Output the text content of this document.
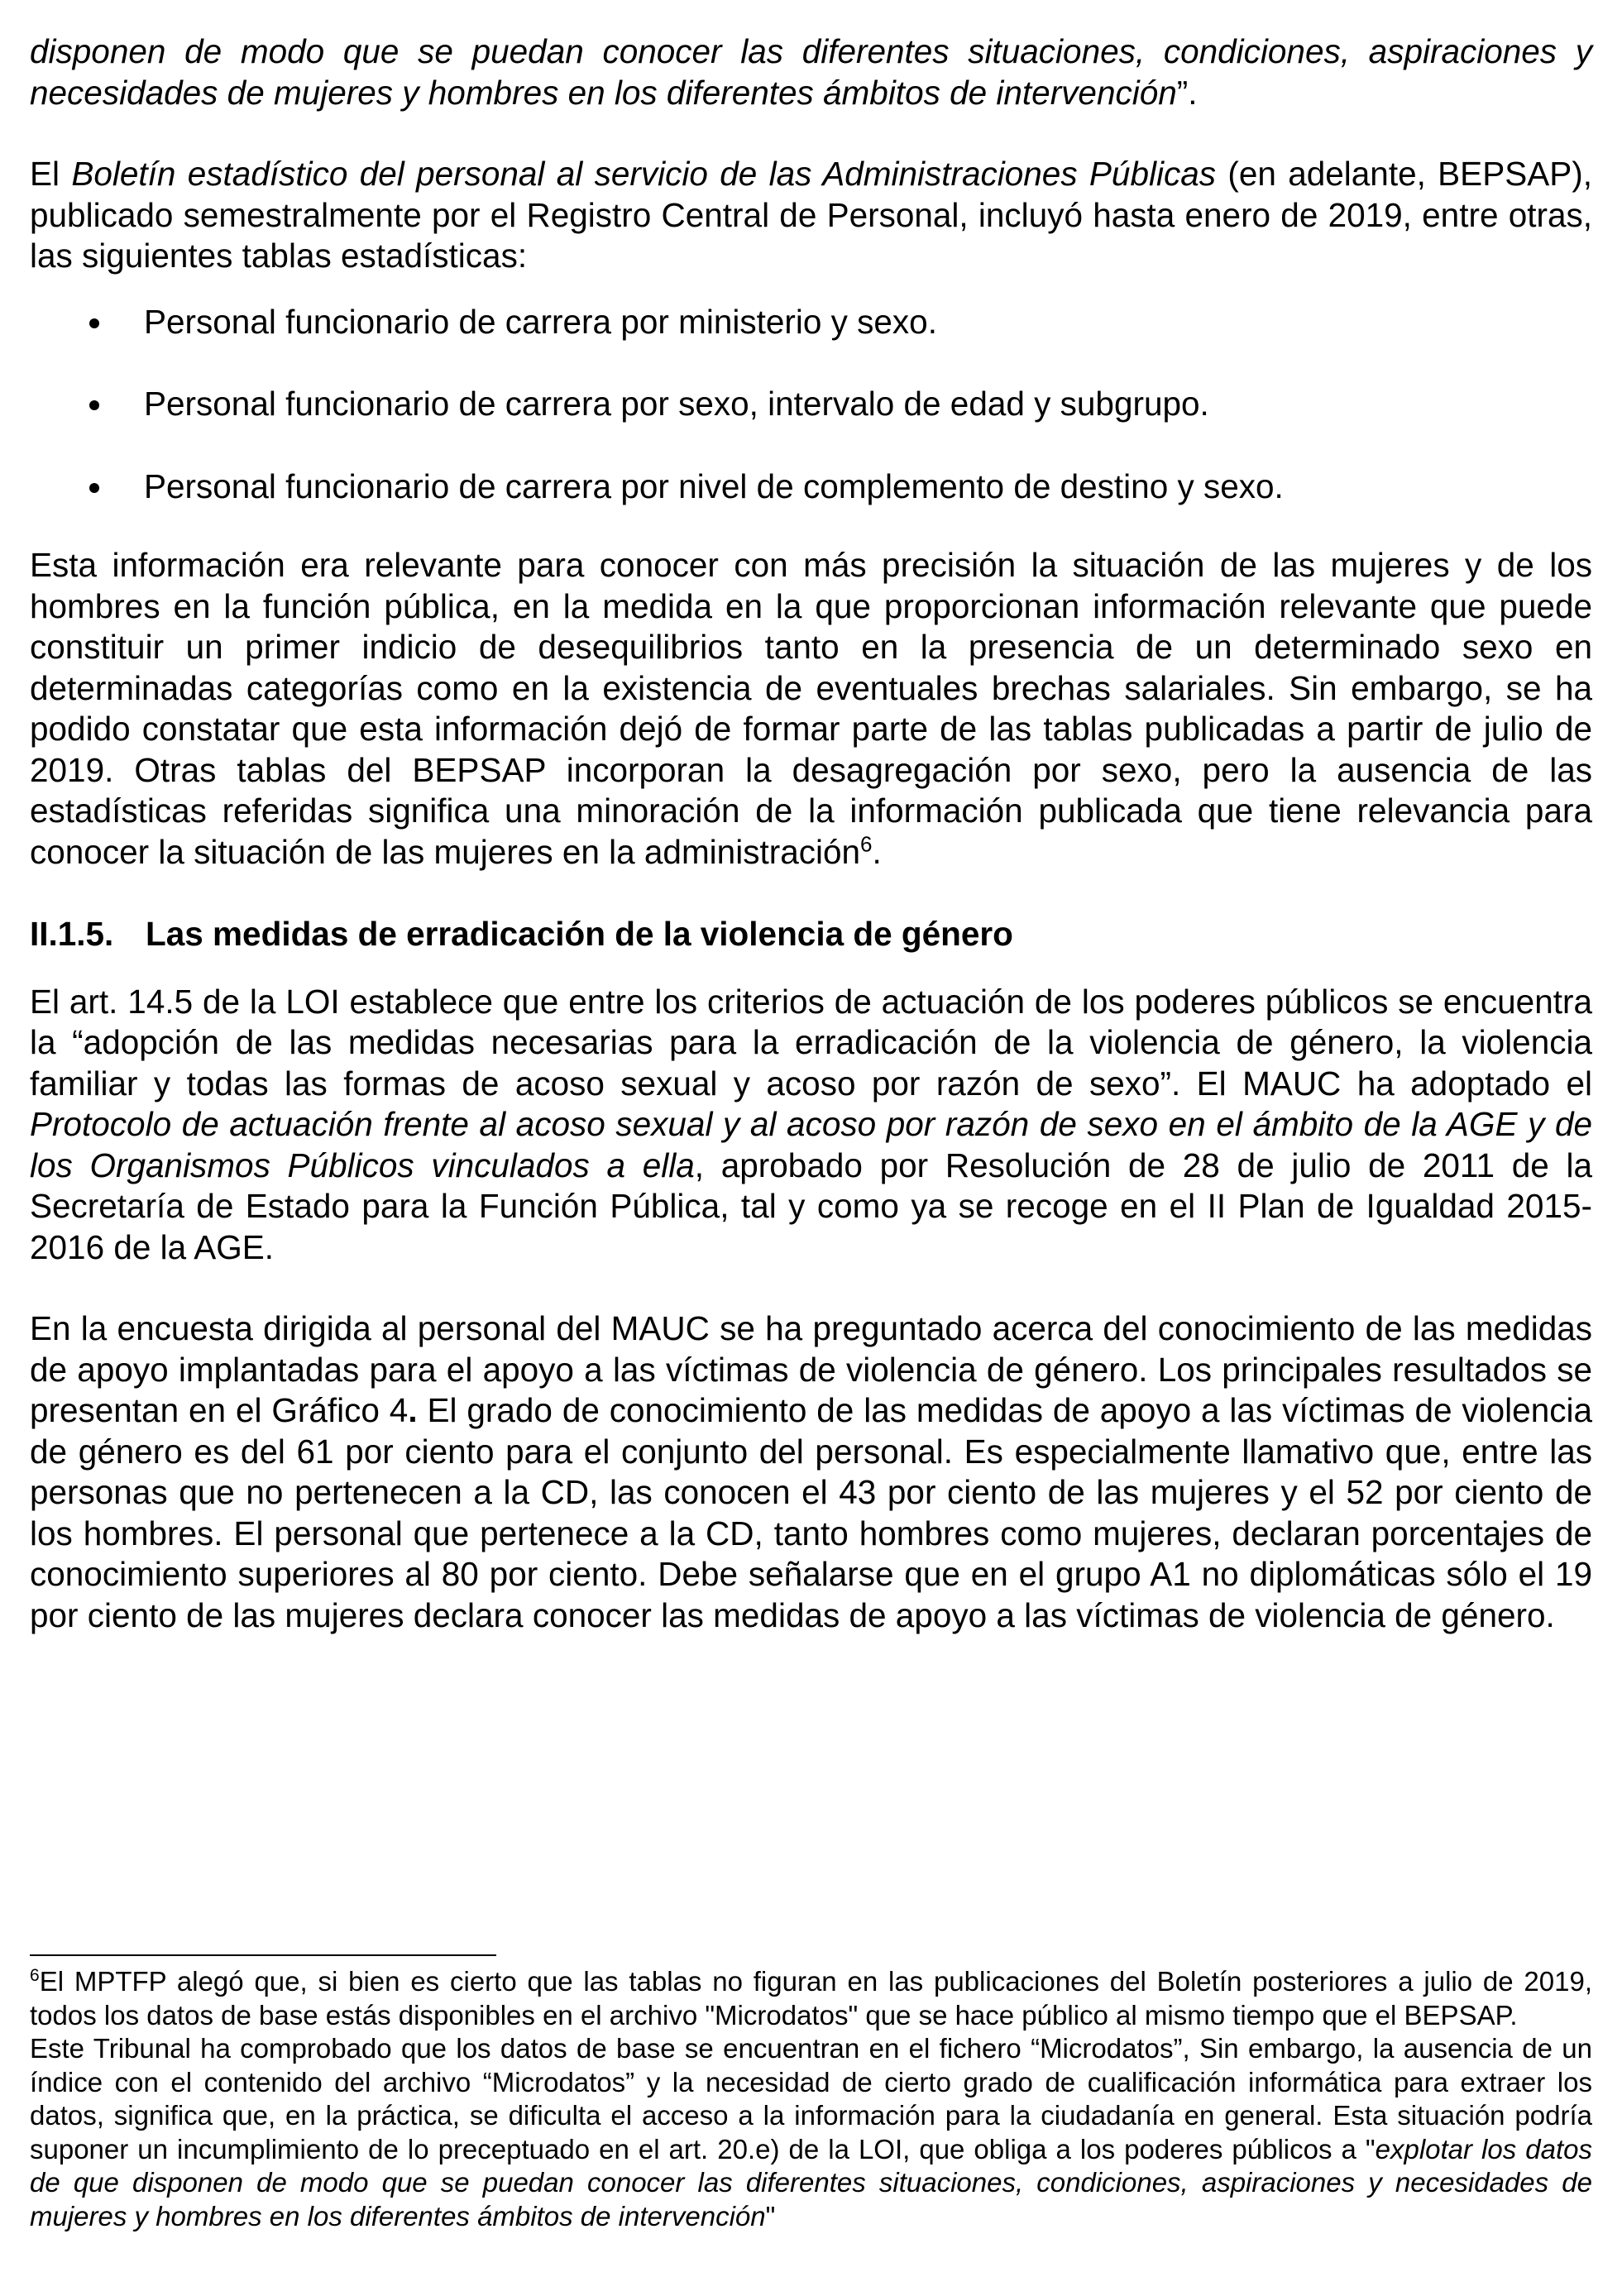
disponen de modo que se puedan conocer las diferentes situaciones, condiciones, aspiraciones y necesidades de mujeres y hombres en los diferentes ámbitos de intervención”.

El Boletín estadístico del personal al servicio de las Administraciones Públicas (en adelante, BEPSAP), publicado semestralmente por el Registro Central de Personal, incluyó hasta enero de 2019, entre otras, las siguientes tablas estadísticas:

Personal funcionario de carrera por ministerio y sexo.
Personal funcionario de carrera por sexo, intervalo de edad y subgrupo.
Personal funcionario de carrera por nivel de complemento de destino y sexo.

Esta información era relevante para conocer con más precisión la situación de las mujeres y de los hombres en la función pública, en la medida en la que proporcionan información relevante que puede constituir un primer indicio de desequilibrios tanto en la presencia de un determinado sexo en determinadas categorías como en la existencia de eventuales brechas salariales. Sin embargo, se ha podido constatar que esta información dejó de formar parte de las tablas publicadas a partir de julio de 2019. Otras tablas del BEPSAP incorporan la desagregación por sexo, pero la ausencia de las estadísticas referidas significa una minoración de la información publicada que tiene relevancia para conocer la situación de las mujeres en la administración$^6$.

II.1.5. Las medidas de erradicación de la violencia de género

El art. 14.5 de la LOI establece que entre los criterios de actuación de los poderes públicos se encuentra la “adopción de las medidas necesarias para la erradicación de la violencia de género, la violencia familiar y todas las formas de acoso sexual y acoso por razón de sexo”. El MAUC ha adoptado el Protocolo de actuación frente al acoso sexual y al acoso por razón de sexo en el ámbito de la AGE y de los Organismos Públicos vinculados a ella, aprobado por Resolución de 28 de julio de 2011 de la Secretaría de Estado para la Función Pública, tal y como ya se recoge en el II Plan de Igualdad 2015-2016 de la AGE.

En la encuesta dirigida al personal del MAUC se ha preguntado acerca del conocimiento de las medidas de apoyo implantadas para el apoyo a las víctimas de violencia de género. Los principales resultados se presentan en el Gráfico 4. El grado de conocimiento de las medidas de apoyo a las víctimas de violencia de género es del 61 por ciento para el conjunto del personal. Es especialmente llamativo que, entre las personas que no pertenecen a la CD, las conocen el 43 por ciento de las mujeres y el 52 por ciento de los hombres. El personal que pertenece a la CD, tanto hombres como mujeres, declaran porcentajes de conocimiento superiores al 80 por ciento. Debe señalarse que en el grupo A1 no diplomáticas sólo el 19 por ciento de las mujeres declara conocer las medidas de apoyo a las víctimas de violencia de género.

$^6$El MPTFP alegó que, si bien es cierto que las tablas no figuran en las publicaciones del Boletín posteriores a julio de 2019, todos los datos de base estás disponibles en el archivo "Microdatos" que se hace público al mismo tiempo que el BEPSAP.

Este Tribunal ha comprobado que los datos de base se encuentran en el fichero “Microdatos”, Sin embargo, la ausencia de un índice con el contenido del archivo “Microdatos” y la necesidad de cierto grado de cualificación informática para extraer los datos, significa que, en la práctica, se dificulta el acceso a la información para la ciudadanía en general. Esta situación podría suponer un incumplimiento de lo preceptuado en el art. 20.e) de la LOI, que obliga a los poderes públicos a "explotar los datos de que disponen de modo que se puedan conocer las diferentes situaciones, condiciones, aspiraciones y necesidades de mujeres y hombres en los diferentes ámbitos de intervención"
